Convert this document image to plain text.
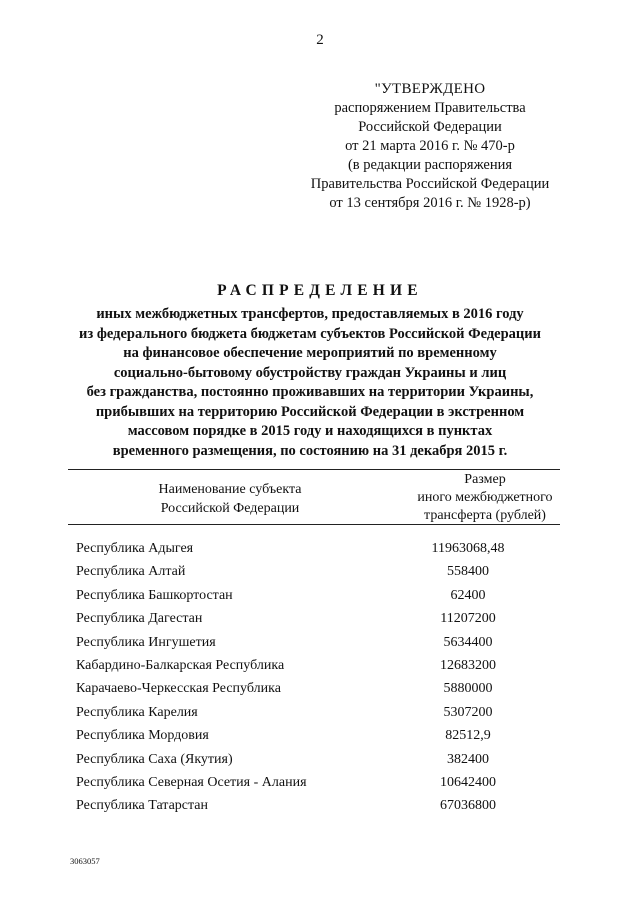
2
"УТВЕРЖДЕНО
распоряжением Правительства
Российской Федерации
от 21 марта 2016 г. № 470-р
(в редакции распоряжения
Правительства Российской Федерации
от 13 сентября 2016 г. № 1928-р)
РАСПРЕДЕЛЕНИЕ
иных межбюджетных трансфертов, предоставляемых в 2016 году
из федерального бюджета бюджетам субъектов Российской Федерации
на финансовое обеспечение мероприятий по временному
социально-бытовому обустройству граждан Украины и лиц
без гражданства, постоянно проживавших на территории Украины,
прибывших на территорию Российской Федерации в экстренном
массовом порядке в 2015 году и находящихся в пунктах
временного размещения, по состоянию на 31 декабря 2015 г.
Наименование субъекта
Российской Федерации
Размер
иного межбюджетного
трансферта (рублей)
Республика Адыгея	11963068,48
Республика Алтай	558400
Республика Башкортостан	62400
Республика Дагестан	11207200
Республика Ингушетия	5634400
Кабардино-Балкарская Республика	12683200
Карачаево-Черкесская Республика	5880000
Республика Карелия	5307200
Республика Мордовия	82512,9
Республика Саха (Якутия)	382400
Республика Северная Осетия - Алания	10642400
Республика Татарстан	67036800
3063057
